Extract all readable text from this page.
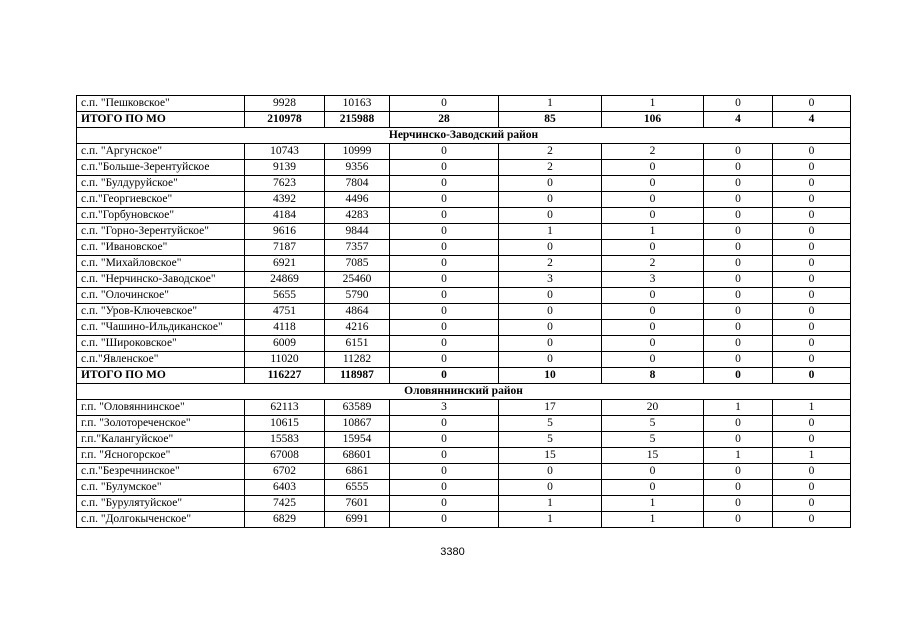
с.п. "Пешковское"	9928	10163	0	1	1	0	0
ИТОГО ПО МО	210978	215988	28	85	106	4	4
Нерчинско-Заводский район							
с.п. "Аргунское"	10743	10999	0	2	2	0	0
с.п."Больше-Зерентуйское	9139	9356	0	2	0	0	0
с.п. "Булдуруйское"	7623	7804	0	0	0	0	0
с.п."Георгиевское"	4392	4496	0	0	0	0	0
с.п."Горбуновское"	4184	4283	0	0	0	0	0
с.п. "Горно-Зерентуйское"	9616	9844	0	1	1	0	0
с.п. "Ивановское"	7187	7357	0	0	0	0	0
с.п. "Михайловское"	6921	7085	0	2	2	0	0
с.п. "Нерчинско-Заводское"	24869	25460	0	3	3	0	0
с.п. "Олочинское"	5655	5790	0	0	0	0	0
с.п. "Уров-Ключевское"	4751	4864	0	0	0	0	0
с.п. "Чашино-Ильдиканское"	4118	4216	0	0	0	0	0
с.п. "Широковское"	6009	6151	0	0	0	0	0
с.п."Явленское"	11020	11282	0	0	0	0	0
ИТОГО ПО МО	116227	118987	0	10	8	0	0
Оловяннинский район							
г.п. "Оловяннинское"	62113	63589	3	17	20	1	1
г.п. "Золотореченское"	10615	10867	0	5	5	0	0
г.п."Калангуйское"	15583	15954	0	5	5	0	0
г.п. "Ясногорское"	67008	68601	0	15	15	1	1
с.п."Безречнинское"	6702	6861	0	0	0	0	0
с.п. "Булумское"	6403	6555	0	0	0	0	0
с.п. "Бурулятуйское"	7425	7601	0	1	1	0	0
с.п. "Долгокыченское"	6829	6991	0	1	1	0	0
3380
